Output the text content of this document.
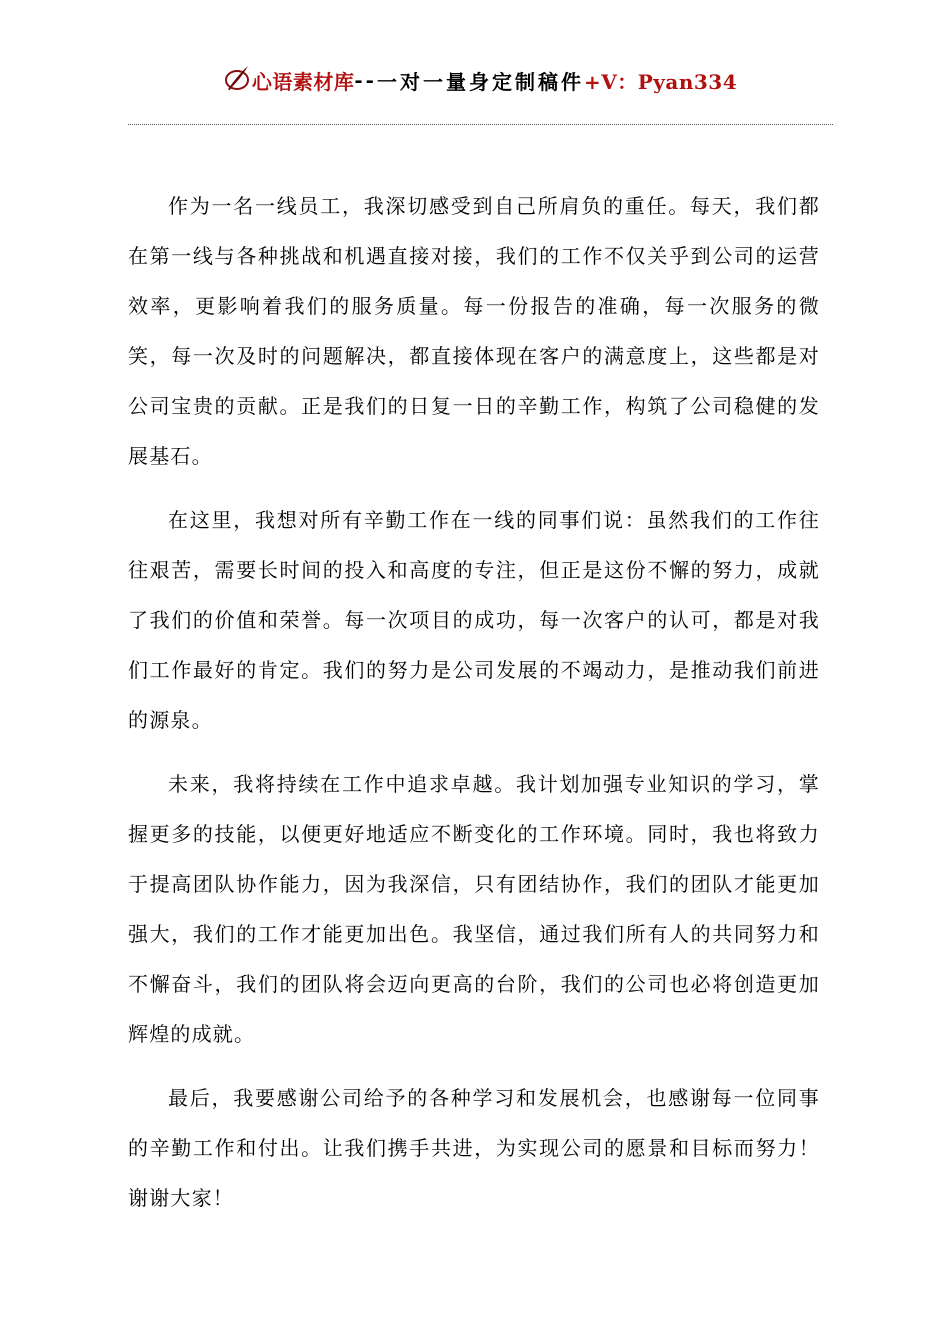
心语素材库 -- 一对一量身定制稿件 +V：Pyan334

作为一名一线员工，我深切感受到自己所肩负的重任。每天，我们都在第一线与各种挑战和机遇直接对接，我们的工作不仅关乎到公司的运营效率，更影响着我们的服务质量。每一份报告的准确，每一次服务的微笑，每一次及时的问题解决，都直接体现在客户的满意度上，这些都是对公司宝贵的贡献。正是我们的日复一日的辛勤工作，构筑了公司稳健的发展基石。

在这里，我想对所有辛勤工作在一线的同事们说：虽然我们的工作往往艰苦，需要长时间的投入和高度的专注，但正是这份不懈的努力，成就了我们的价值和荣誉。每一次项目的成功，每一次客户的认可，都是对我们工作最好的肯定。我们的努力是公司发展的不竭动力，是推动我们前进的源泉。

未来，我将持续在工作中追求卓越。我计划加强专业知识的学习，掌握更多的技能，以便更好地适应不断变化的工作环境。同时，我也将致力于提高团队协作能力，因为我深信，只有团结协作，我们的团队才能更加强大，我们的工作才能更加出色。我坚信，通过我们所有人的共同努力和不懈奋斗，我们的团队将会迈向更高的台阶，我们的公司也必将创造更加辉煌的成就。

最后，我要感谢公司给予的各种学习和发展机会，也感谢每一位同事的辛勤工作和付出。让我们携手共进，为实现公司的愿景和目标而努力！谢谢大家！
